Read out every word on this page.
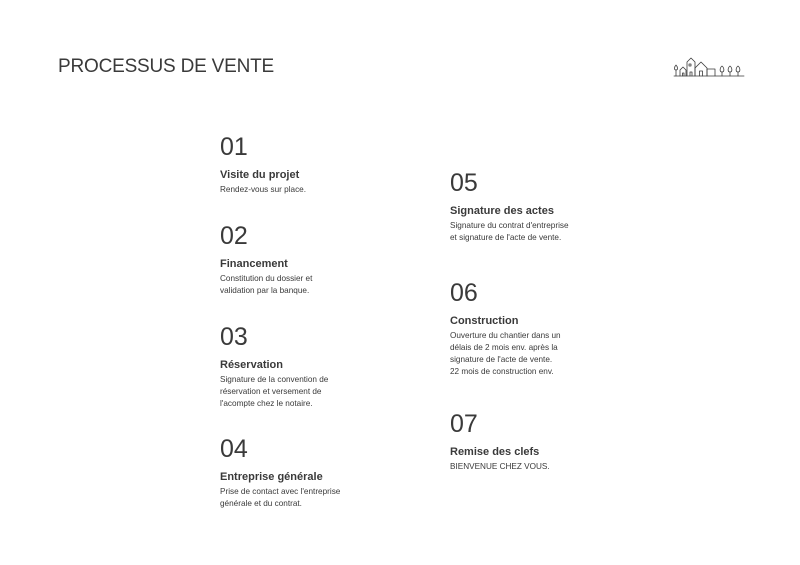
PROCESSUS DE VENTE
01
Visite du projet
Rendez-vous sur place.
02
Financement
Constitution du dossier et
validation par la banque.
03
Réservation
Signature de la convention de
réservation et versement de
l'acompte chez le notaire.
04
Entreprise générale
Prise de contact avec l'entreprise
générale et du contrat.
05
Signature des actes
Signature du contrat d'entreprise
et signature de l'acte de vente.
06
Construction
Ouverture du chantier dans un
délais de 2 mois env. après la
signature de l'acte de vente.
22 mois de construction env.
07
Remise des clefs
BIENVENUE CHEZ VOUS.
